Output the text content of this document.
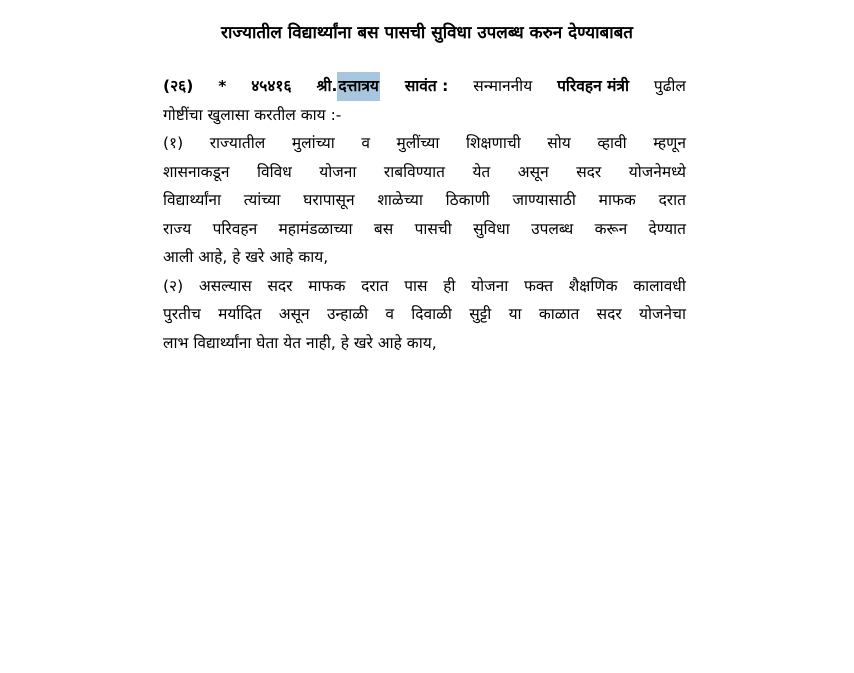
राज्यातील विद्यार्थ्यांना बस पासची सुविधा उपलब्ध करुन देण्याबाबत
(२६) * ४५४१६ श्री.दत्तात्रय सावंत : सन्माननीय परिवहन मंत्री पुढील
गोष्टींचा खुलासा करतील काय :-
(१) राज्यातील मुलांच्या व मुलींच्या शिक्षणाची सोय व्हावी म्हणून
शासनाकडून विविध योजना राबविण्यात येत असून सदर योजनेमध्ये
विद्यार्थ्यांना त्यांच्या घरापासून शाळेच्या ठिकाणी जाण्यासाठी माफक दरात
राज्य परिवहन महामंडळाच्या बस पासची सुविधा उपलब्ध करून देण्यात
आली आहे, हे खरे आहे काय,
(२) असल्यास सदर माफक दरात पास ही योजना फक्त शैक्षणिक कालावधी
पुरतीच मर्यादित असून उन्हाळी व दिवाळी सुट्टी या काळात सदर योजनेचा
लाभ विद्यार्थ्यांना घेता येत नाही, हे खरे आहे काय,
